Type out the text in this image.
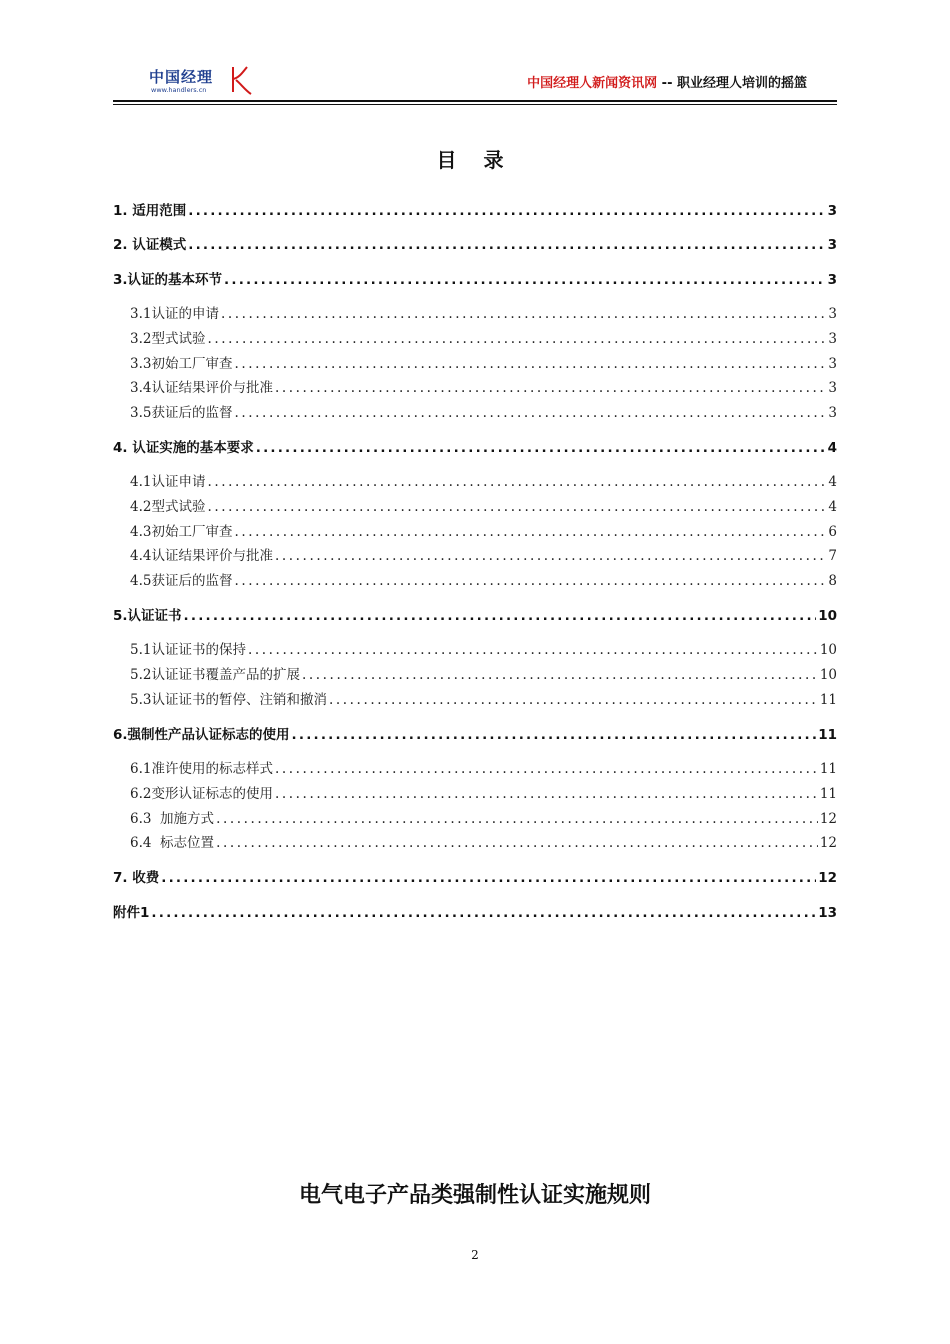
中国经理
www.handlers.cn	中国经理人新闻资讯网 -- 职业经理人培训的摇篮
目 录
1. 适用范围 .....	3
2. 认证模式 .....	3
3.认证的基本环节 .....	3
3.1认证的申请 .....	3
3.2型式试验 .....	3
3.3初始工厂审查 .....	3
3.4认证结果评价与批准 .....	3
3.5获证后的监督 .....	3
4. 认证实施的基本要求 .....	4
4.1认证申请 .....	4
4.2型式试验 .....	4
4.3初始工厂审查 .....	6
4.4认证结果评价与批准 .....	7
4.5获证后的监督 .....	8
5.认证证书 .....	10
5.1认证证书的保持 .....	10
5.2认证证书覆盖产品的扩展 .....	10
5.3认证证书的暂停、注销和撤消 .....	11
6.强制性产品认证标志的使用 .....	11
6.1准许使用的标志样式 .....	11
6.2变形认证标志的使用 .....	11
6.3  加施方式 .....	12
6.4  标志位置 .....	12
7. 收费 .....	12
附件1 .....	13
电气电子产品类强制性认证实施规则
2
